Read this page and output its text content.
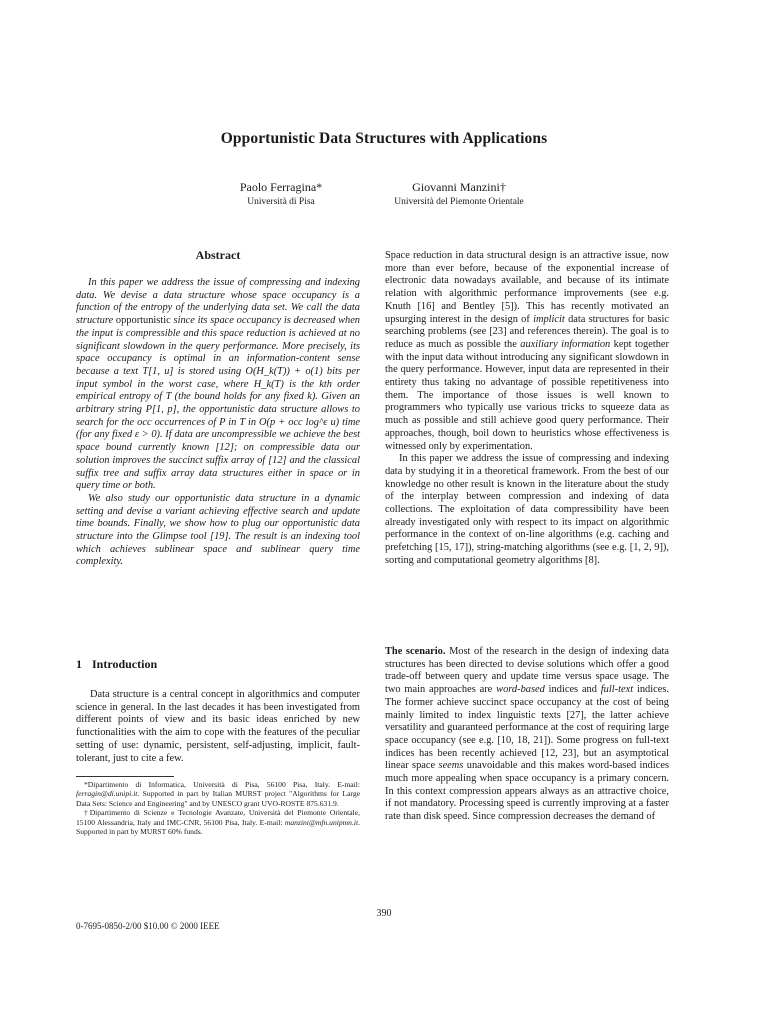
Opportunistic Data Structures with Applications
Paolo Ferragina*
Università di Pisa
Giovanni Manzini†
Università del Piemonte Orientale
Abstract

In this paper we address the issue of compressing and indexing data. We devise a data structure whose space occupancy is a function of the entropy of the underlying data set. We call the data structure opportunistic since its space occupancy is decreased when the input is compressible and this space reduction is achieved at no significant slowdown in the query performance. More precisely, its space occupancy is optimal in an information-content sense because a text T[1, u] is stored using O(H_k(T)) + o(1) bits per input symbol in the worst case, where H_k(T) is the kth order empirical entropy of T (the bound holds for any fixed k). Given an arbitrary string P[1, p], the opportunistic data structure allows to search for the occ occurrences of P in T in O(p + occ log^ε u) time (for any fixed ε > 0). If data are uncompressible we achieve the best space bound currently known [12]; on compressible data our solution improves the succinct suffix array of [12] and the classical suffix tree and suffix array data structures either in space or in query time or both.

We also study our opportunistic data structure in a dynamic setting and devise a variant achieving effective search and update time bounds. Finally, we show how to plug our opportunistic data structure into the Glimpse tool [19]. The result is an indexing tool which achieves sublinear space and sublinear query time complexity.

1 Introduction

Data structure is a central concept in algorithmics and computer science in general. In the last decades it has been investigated from different points of view and its basic ideas enriched by new functionalities with the aim to cope with the features of the peculiar setting of use: dynamic, persistent, self-adjusting, implicit, fault-tolerant, just to cite a few.

*Dipartimento di Informatica, Università di Pisa, 56100 Pisa, Italy. E-mail: ferragin@di.unipi.it. Supported in part by Italian MURST project "Algorithms for Large Data Sets: Science and Engineering" and by UNESCO grant UVO-ROSTE 875.631.9.

†Dipartimento di Scienze e Tecnologie Avanzate, Università del Piemonte Orientale, 15100 Alessandria, Italy and IMC-CNR, 56100 Pisa, Italy. E-mail: manzini@mfn.unipmn.it. Supported in part by MURST 60% funds.

Space reduction in data structural design is an attractive issue, now more than ever before, because of the exponential increase of electronic data nowadays available, and because of its intimate relation with algorithmic performance improvements (see e.g. Knuth [16] and Bentley [5]). This has recently motivated an upsurging interest in the design of implicit data structures for basic searching problems (see [23] and references therein). The goal is to reduce as much as possible the auxiliary information kept together with the input data without introducing any significant slowdown in the query performance. However, input data are represented in their entirety thus taking no advantage of possible repetitiveness into them. The importance of those issues is well known to programmers who typically use various tricks to squeeze data as much as possible and still achieve good query performance. Their approaches, though, boil down to heuristics whose effectiveness is witnessed only by experimentation.

In this paper we address the issue of compressing and indexing data by studying it in a theoretical framework. From the best of our knowledge no other result is known in the literature about the study of the interplay between compression and indexing of data collections. The exploitation of data compressibility have been already investigated only with respect to its impact on algorithmic performance in the context of on-line algorithms (e.g. caching and prefetching [15, 17]), string-matching algorithms (see e.g. [1, 2, 9]), sorting and computational geometry algorithms [8].

The scenario. Most of the research in the design of indexing data structures has been directed to devise solutions which offer a good trade-off between query and update time versus space usage. The two main approaches are word-based indices and full-text indices. The former achieve succinct space occupancy at the cost of being mainly limited to index linguistic texts [27], the latter achieve versatility and guaranteed performance at the cost of requiring large space occupancy (see e.g. [10, 18, 21]). Some progress on full-text indices has been recently achieved [12, 23], but an asymptotical linear space seems unavoidable and this makes word-based indices much more appealing when space occupancy is a primary concern. In this context compression appears always as an attractive choice, if not mandatory. Processing speed is currently improving at a faster rate than disk speed. Since compression decreases the demand of

390
0-7695-0850-2/00 $10.00 © 2000 IEEE
